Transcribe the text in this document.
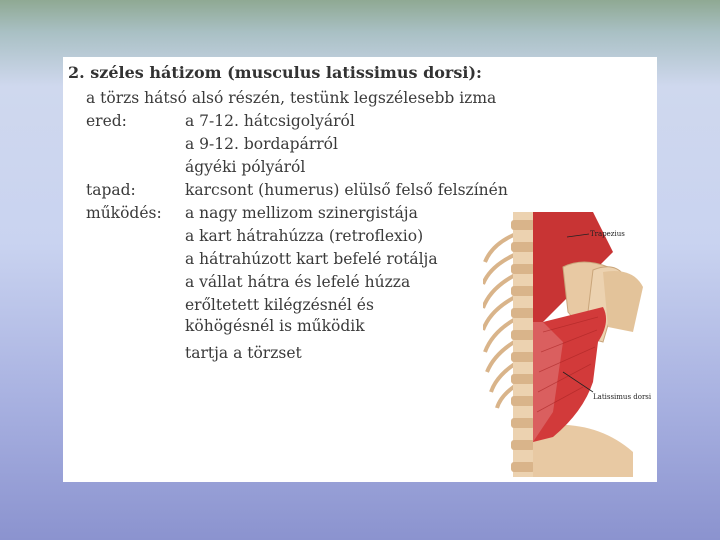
2. széles hátizom (musculus latissimus dorsi):
a törzs hátsó alsó részén, testünk legszélesebb izma
ered:	a 7-12. hátcsigolyáról
a 9-12. bordapárról
ágyéki pólyáról
tapad:	karcsont (humerus) elülső felső felszínén
működés: a nagy mellizom szinergistája
a kart hátrahúzza (retroflexio)
a hátrahúzott kart befelé rotálja
a vállat hátra és lefelé húzza
erőltetett kilégzésnél és
köhögésnél is működik
tartja a törzset
Trapezius
Latissimus dorsi
